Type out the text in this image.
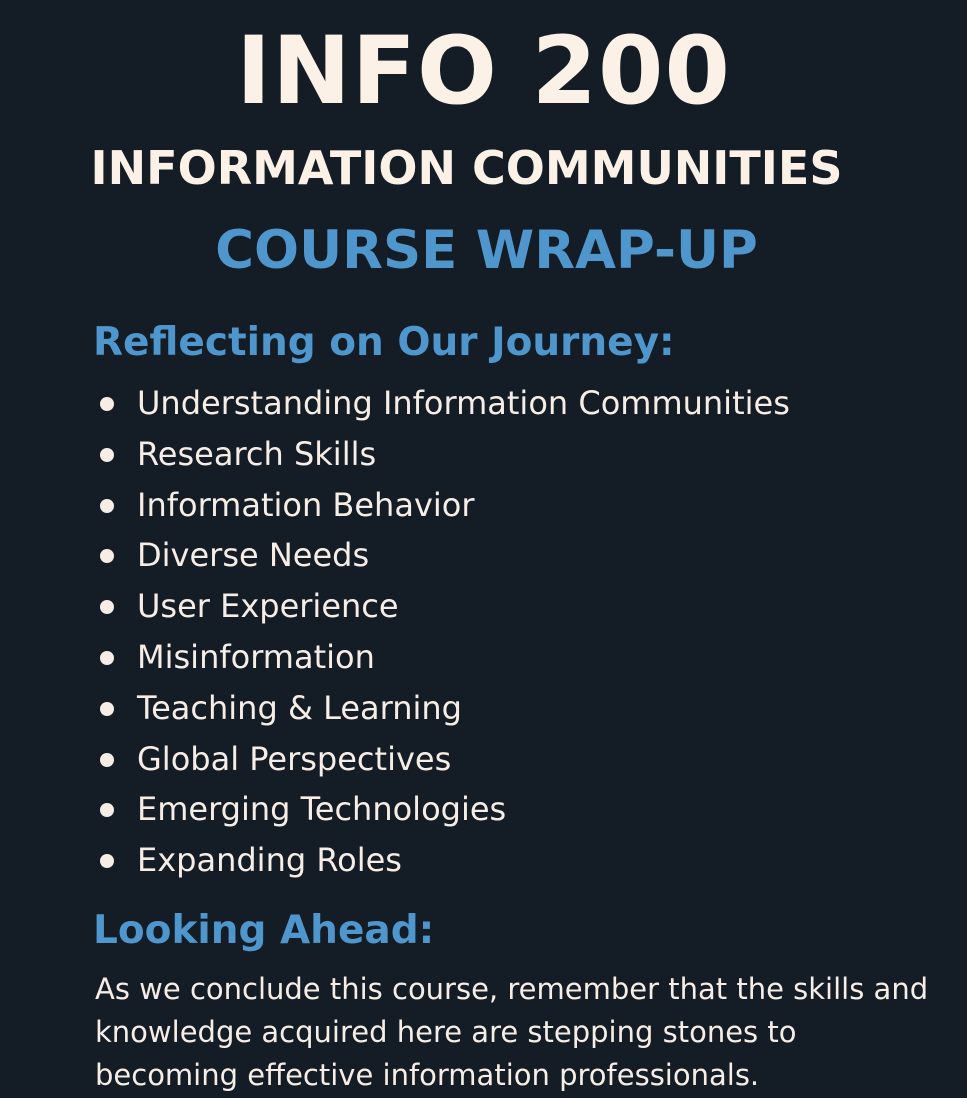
INFO 200
INFORMATION COMMUNITIES
COURSE WRAP-UP
Reflecting on Our Journey:
Understanding Information Communities
Research Skills
Information Behavior
Diverse Needs
User Experience
Misinformation
Teaching & Learning
Global Perspectives
Emerging Technologies
Expanding Roles
Looking Ahead:

As we conclude this course, remember that the skills and knowledge acquired here are stepping stones to becoming effective information professionals.
